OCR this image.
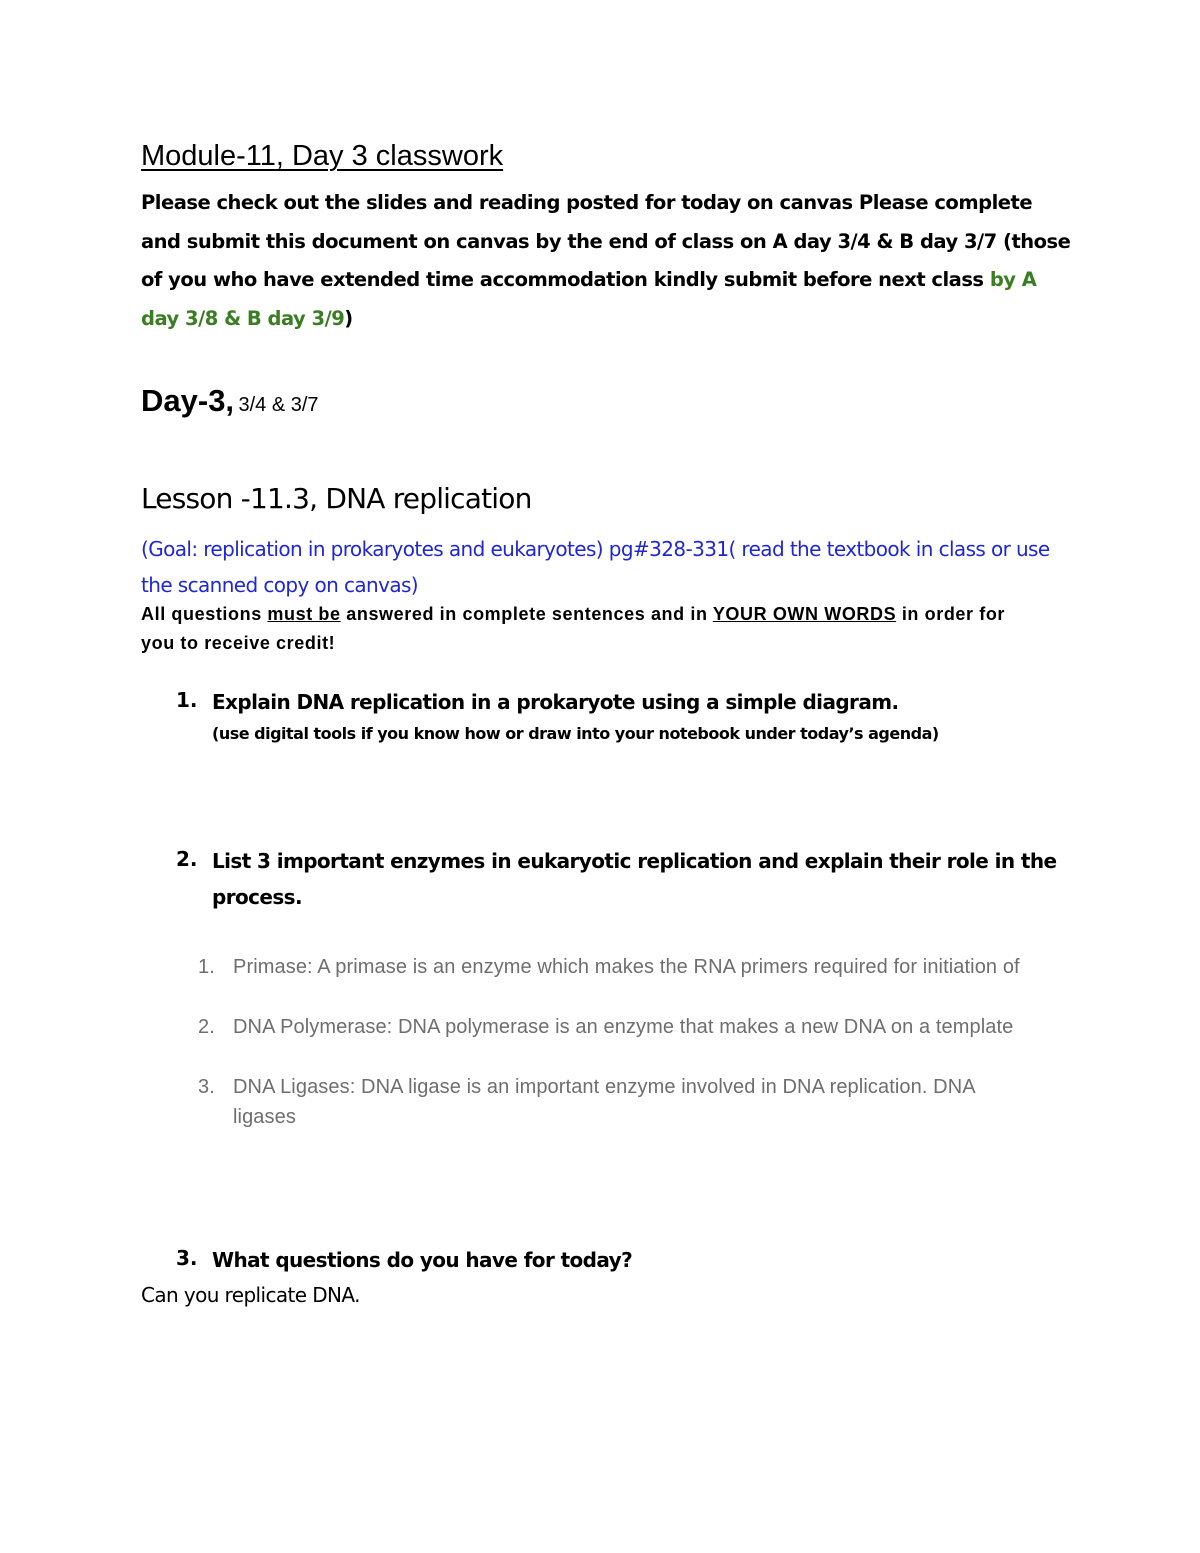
Module-11, Day 3 classwork
Please check out the slides and reading posted for today on canvas Please complete and submit this document on canvas by the end of class on A day 3/4 & B day 3/7 (those of you who have extended time accommodation kindly submit before next class by A day 3/8 & B day 3/9)
Day-3, 3/4 & 3/7
Lesson -11.3, DNA replication
(Goal: replication in prokaryotes and eukaryotes) pg#328-331( read the textbook in class or use the scanned copy on canvas)
All questions must be answered in complete sentences and in YOUR OWN WORDS in order for you to receive credit!
1. Explain DNA replication in a prokaryote using a simple diagram.
(use digital tools if you know how or draw into your notebook under today’s agenda)
2. List 3 important enzymes in eukaryotic replication and explain their role in the process.
1. Primase: A primase is an enzyme which makes the RNA primers required for initiation of
2. DNA Polymerase: DNA polymerase is an enzyme that makes a new DNA on a template
3. DNA Ligases: DNA ligase is an important enzyme involved in DNA replication. DNA ligases
3. What questions do you have for today?
Can you replicate DNA.
